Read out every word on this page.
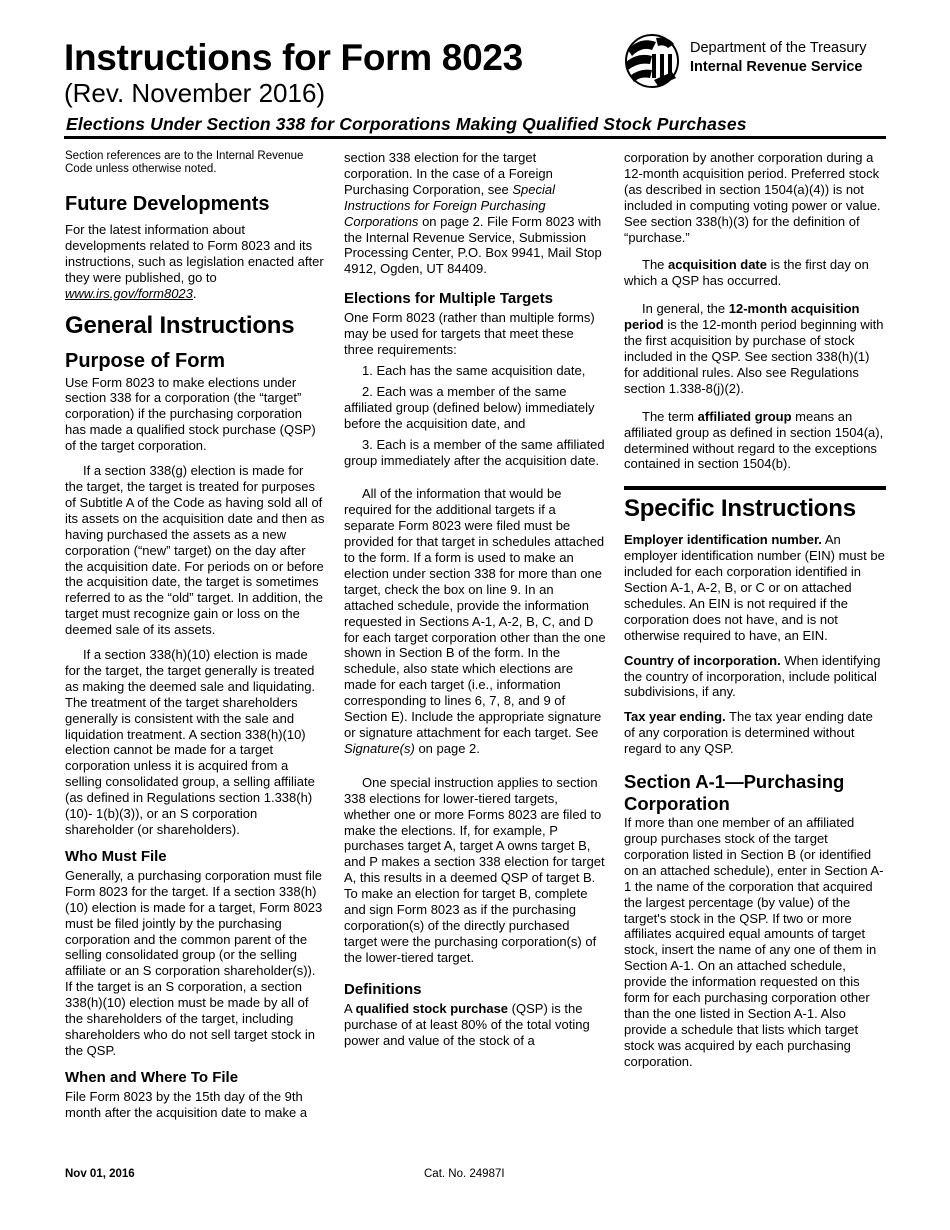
Instructions for Form 8023
(Rev. November 2016)
Elections Under Section 338 for Corporations Making Qualified Stock Purchases
Department of the Treasury
Internal Revenue Service

Section references are to the Internal Revenue Code unless otherwise noted.

Future Developments

For the latest information about developments related to Form 8023 and its instructions, such as legislation enacted after they were published, go to www.irs.gov/form8023.

General Instructions
Purpose of Form

Use Form 8023 to make elections under section 338 for a corporation (the “target” corporation) if the purchasing corporation has made a qualified stock purchase (QSP) of the target corporation.

If a section 338(g) election is made for the target, the target is treated for purposes of Subtitle A of the Code as having sold all of its assets on the acquisition date and then as having purchased the assets as a new corporation (“new” target) on the day after the acquisition date. For periods on or before the acquisition date, the target is sometimes referred to as the “old” target. In addition, the target must recognize gain or loss on the deemed sale of its assets.

If a section 338(h)(10) election is made for the target, the target generally is treated as making the deemed sale and liquidating. The treatment of the target shareholders generally is consistent with the sale and liquidation treatment. A section 338(h)(10) election cannot be made for a target corporation unless it is acquired from a selling consolidated group, a selling affiliate (as defined in Regulations section 1.338(h)(10)- 1(b)(3)), or an S corporation shareholder (or shareholders).

Who Must File

Generally, a purchasing corporation must file Form 8023 for the target. If a section 338(h)(10) election is made for a target, Form 8023 must be filed jointly by the purchasing corporation and the common parent of the selling consolidated group (or the selling affiliate or an S corporation shareholder(s)). If the target is an S corporation, a section 338(h)(10) election must be made by all of the shareholders of the target, including shareholders who do not sell target stock in the QSP.

When and Where To File

File Form 8023 by the 15th day of the 9th month after the acquisition date to make a

section 338 election for the target corporation. In the case of a Foreign Purchasing Corporation, see Special Instructions for Foreign Purchasing Corporations on page 2. File Form 8023 with the Internal Revenue Service, Submission Processing Center, P.O. Box 9941, Mail Stop 4912, Ogden, UT 84409.

Elections for Multiple Targets

One Form 8023 (rather than multiple forms) may be used for targets that meet these three requirements:

1. Each has the same acquisition date,

2. Each was a member of the same affiliated group (defined below) immediately before the acquisition date, and

3. Each is a member of the same affiliated group immediately after the acquisition date.

All of the information that would be required for the additional targets if a separate Form 8023 were filed must be provided for that target in schedules attached to the form. If a form is used to make an election under section 338 for more than one target, check the box on line 9. In an attached schedule, provide the information requested in Sections A-1, A-2, B, C, and D for each target corporation other than the one shown in Section B of the form. In the schedule, also state which elections are made for each target (i.e., information corresponding to lines 6, 7, 8, and 9 of Section E). Include the appropriate signature or signature attachment for each target. See Signature(s) on page 2.

One special instruction applies to section 338 elections for lower-tiered targets, whether one or more Forms 8023 are filed to make the elections. If, for example, P purchases target A, target A owns target B, and P makes a section 338 election for target A, this results in a deemed QSP of target B. To make an election for target B, complete and sign Form 8023 as if the purchasing corporation(s) of the directly purchased target were the purchasing corporation(s) of the lower-tiered target.

Definitions

A qualified stock purchase (QSP) is the purchase of at least 80% of the total voting power and value of the stock of a

corporation by another corporation during a 12-month acquisition period. Preferred stock (as described in section 1504(a)(4)) is not included in computing voting power or value. See section 338(h)(3) for the definition of “purchase.”

The acquisition date is the first day on which a QSP has occurred.

In general, the 12-month acquisition period is the 12-month period beginning with the first acquisition by purchase of stock included in the QSP. See section 338(h)(1) for additional rules. Also see Regulations section 1.338-8(j)(2).

The term affiliated group means an affiliated group as defined in section 1504(a), determined without regard to the exceptions contained in section 1504(b).

Specific Instructions

Employer identification number. An employer identification number (EIN) must be included for each corporation identified in Section A-1, A-2, B, or C or on attached schedules. An EIN is not required if the corporation does not have, and is not otherwise required to have, an EIN.

Country of incorporation. When identifying the country of incorporation, include political subdivisions, if any.

Tax year ending. The tax year ending date of any corporation is determined without regard to any QSP.

Section A-1—Purchasing Corporation

If more than one member of an affiliated group purchases stock of the target corporation listed in Section B (or identified on an attached schedule), enter in Section A-1 the name of the corporation that acquired the largest percentage (by value) of the target's stock in the QSP. If two or more affiliates acquired equal amounts of target stock, insert the name of any one of them in Section A-1. On an attached schedule, provide the information requested on this form for each purchasing corporation other than the one listed in Section A-1. Also provide a schedule that lists which target stock was acquired by each purchasing corporation.

Nov 01, 2016	Cat. No. 24987I
